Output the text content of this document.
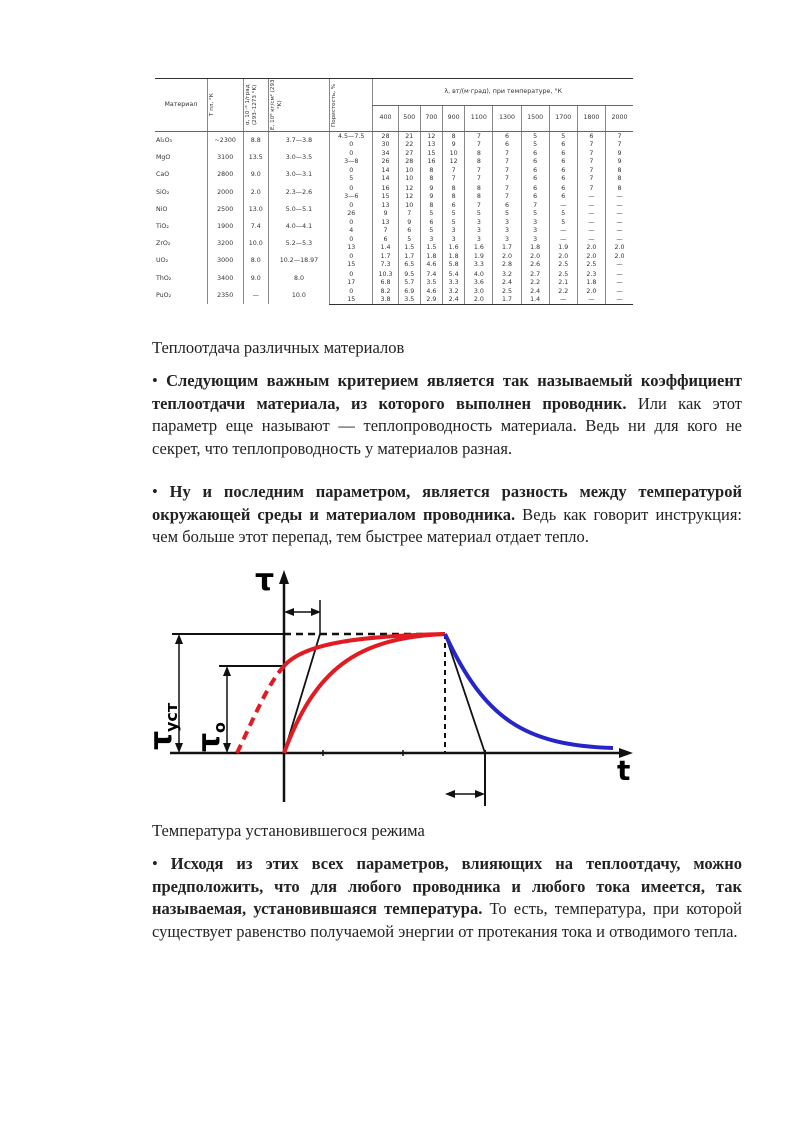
Материал	T пл, °К	α, 10⁻⁶ 1/град (293–1273 °K)	E, 10⁶ кг/см² (293 °K)	Пористость, %	λ, вт/(м·град), при температуре, °К									
					400	500	700	900	1100	1300	1500	1700	1800	2000
Al₂O₃	~2300	8.8	3.7—3.8	4.5—7.5	28	21	12	8	7	6	5	5	6	7
				0	30	22	13	9	7	6	5	6	7	7
MgO	3100	13.5	3.0—3.5	0	34	27	15	10	8	7	6	6	7	9
				3—8	26	28	16	12	8	7	6	6	7	9
CaO	2800	9.0	3.0—3.1	0	14	10	8	7	7	7	6	6	7	8
				5	14	10	8	7	7	7	6	6	7	8
SiO₂	2000	2.0	2.3—2.6	0	16	12	9	8	8	7	6	6	7	8
				3—6	15	12	9	8	8	7	6	6	—	—
NiO	2500	13.0	5.0—5.1	0	13	10	8	6	7	6	7	—	—	—
				26	9	7	5	5	5	5	5	5	—	—
TiO₂	1900	7.4	4.0—4.1	0	13	9	6	5	3	3	3	5	—	—
				4	7	6	5	3	3	3	3	—	—	—
ZrO₂	3200	10.0	5.2—5.3	0	6	5	3	3	3	3	3	—	—	—
				13	1.4	1.5	1.5	1.6	1.6	1.7	1.8	1.9	2.0	2.0
UO₂	3000	8.0	10.2—18.97	0	1.7	1.7	1.8	1.8	1.9	2.0	2.0	2.0	2.0	2.0
				15	7.3	6.5	4.6	5.8	3.3	2.8	2.6	2.5	2.5	—
ThO₂	3400	9.0	8.0	0	10.3	9.5	7.4	5.4	4.0	3.2	2.7	2.5	2.3	—
				17	6.8	5.7	3.5	3.3	3.6	2.4	2.2	2.1	1.8	—
PuO₂	2350	—	10.0	0	8.2	6.9	4.6	3.2	3.0	2.5	2.4	2.2	2.0	—
				15	3.8	3.5	2.9	2.4	2.0	1.7	1.4	—	—	—
Теплоотдача различных материалов
• Следующим важным критерием является так называемый коэффициент теплоотдачи материала, из которого выполнен проводник. Или как этот параметр еще называют — теплопроводность материала. Ведь ни для кого не секрет, что теплопроводность у материалов разная.
• Ну и последним параметром, является разность между температурой окружающей среды и материалом проводника. Ведь как говорит инструкция: чем больше этот перепад, тем быстрее материал отдает тепло.
τ
t
τ
уст
τ
o
Температура установившегося режима
• Исходя из этих всех параметров, влияющих на теплоотдачу, можно предположить, что для любого проводника и любого тока имеется, так называемая, установившаяся температура. То есть, температура, при которой существует равенство получаемой энергии от протекания тока и отводимого тепла.
